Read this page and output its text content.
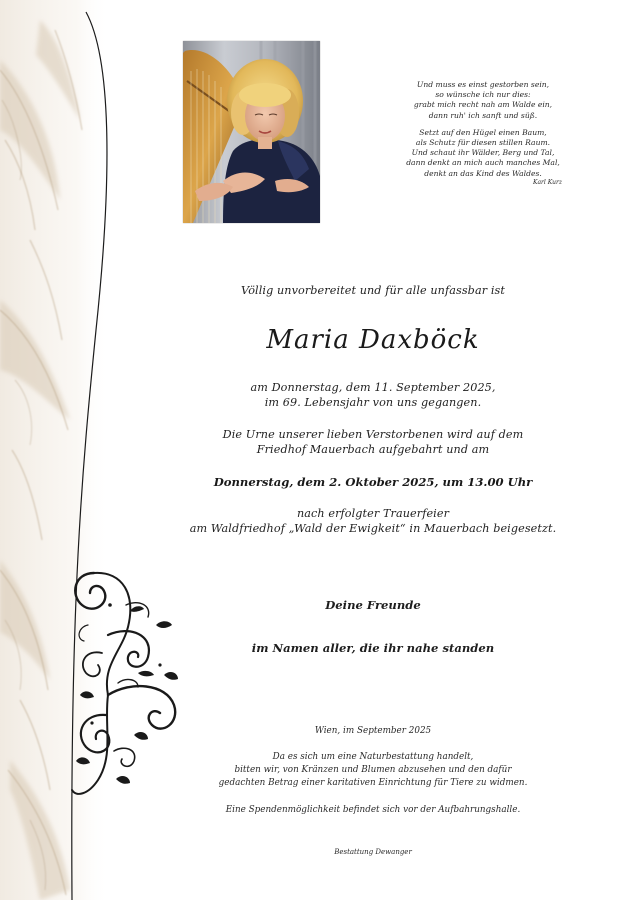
Und muss es einst gestorben sein,
so wünsche ich nur dies:
grabt mich recht nah am Walde ein,
dann ruh' ich sanft und süß.
Setzt auf den Hügel einen Baum,
als Schutz für diesen stillen Raum.
Und schaut ihr Wälder, Berg und Tal,
dann denkt an mich auch manches Mal,
denkt an das Kind des Waldes.
Karl Kurz
Völlig unvorbereitet und für alle unfassbar ist
Maria Daxböck
am Donnerstag, dem 11. September 2025,
im 69. Lebensjahr von uns gegangen.
Die Urne unserer lieben Verstorbenen wird auf dem
Friedhof Mauerbach aufgebahrt und am
Donnerstag, dem 2. Oktober 2025, um 13.00 Uhr
nach erfolgter Trauerfeier
am Waldfriedhof „Wald der Ewigkeit“ in Mauerbach beigesetzt.
Deine Freunde
im Namen aller, die ihr nahe standen
Wien, im September 2025
Da es sich um eine Naturbestattung handelt,
bitten wir, von Kränzen und Blumen abzusehen und den dafür
gedachten Betrag einer karitativen Einrichtung für Tiere zu widmen.
Eine Spendenmöglichkeit befindet sich vor der Aufbahrungshalle.
Bestattung Dewanger
